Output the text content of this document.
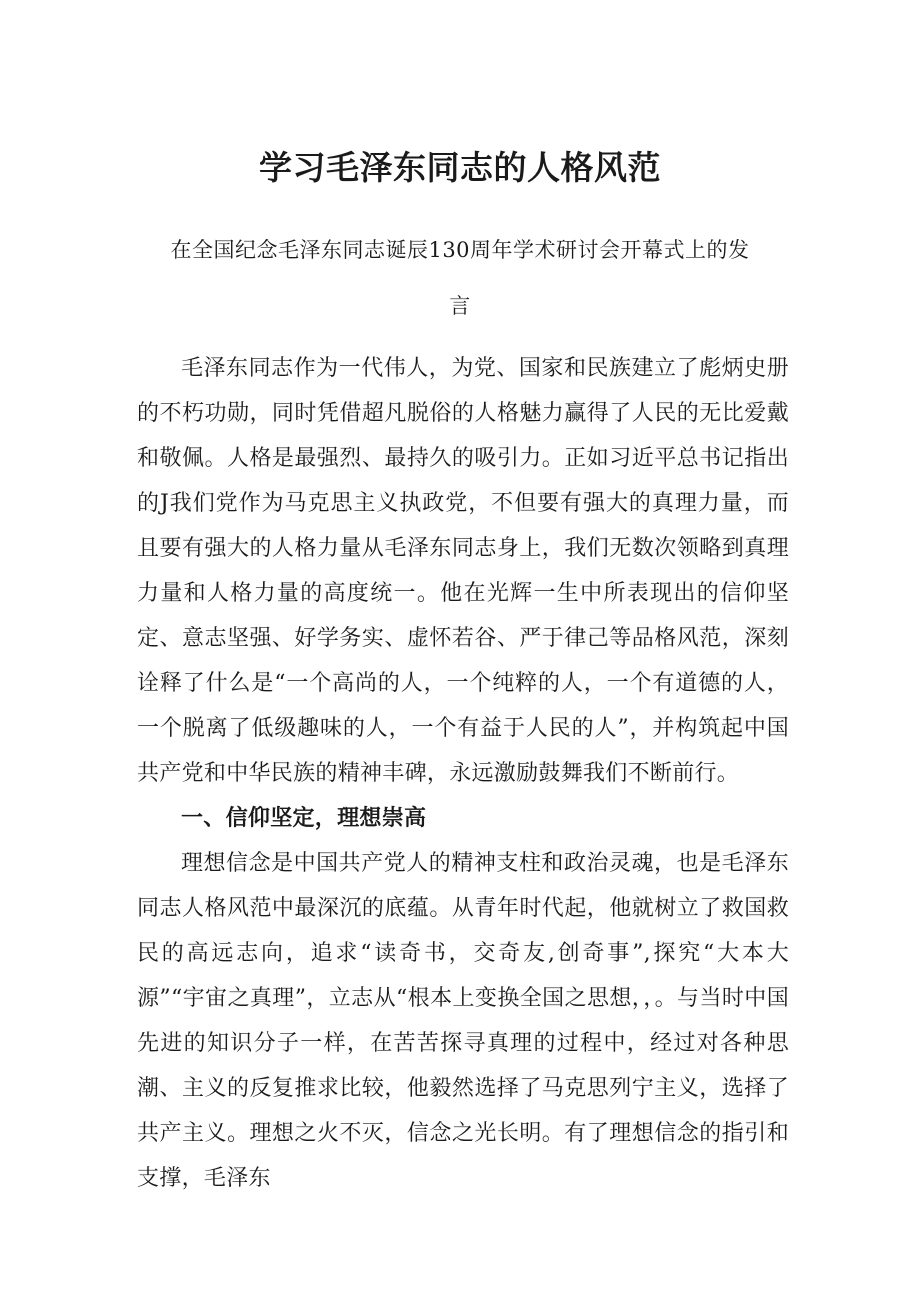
学习毛泽东同志的人格风范
在全国纪念毛泽东同志诞辰130周年学术研讨会开幕式上的发言

毛泽东同志作为一代伟人，为党、国家和民族建立了彪炳史册的不朽功勋，同时凭借超凡脱俗的人格魅力赢得了人民的无比爱戴和敬佩。人格是最强烈、最持久的吸引力。正如习近平总书记指出的J我们党作为马克思主义执政党，不但要有强大的真理力量，而且要有强大的人格力量从毛泽东同志身上，我们无数次领略到真理力量和人格力量的高度统一。他在光辉一生中所表现出的信仰坚定、意志坚强、好学务实、虚怀若谷、严于律己等品格风范，深刻诠释了什么是“一个高尚的人，一个纯粹的人，一个有道德的人，一个脱离了低级趣味的人，一个有益于人民的人”，并构筑起中国共产党和中华民族的精神丰碑，永远激励鼓舞我们不断前行。

一、信仰坚定，理想崇高

理想信念是中国共产党人的精神支柱和政治灵魂，也是毛泽东同志人格风范中最深沉的底蕴。从青年时代起，他就树立了救国救民的高远志向，追求“读奇书，交奇友,创奇事”,探究“大本大源”“宇宙之真理”，立志从“根本上变换全国之思想，，。与当时中国先进的知识分子一样，在苦苦探寻真理的过程中，经过对各种思潮、主义的反复推求比较，他毅然选择了马克思列宁主义，选择了共产主义。理想之火不灭，信念之光长明。有了理想信念的指引和支撑，毛泽东
